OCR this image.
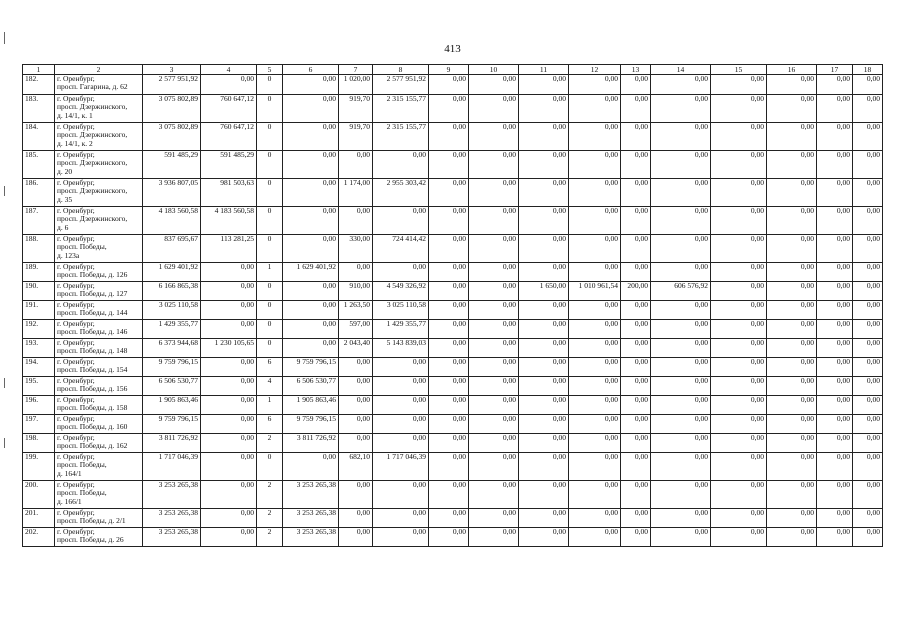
413
1	2	3	4	5	6	7	8	9	10	11	12	13	14	15	16	17	18
182.	г. Оренбург,
просп. Гагарина, д. 62	2 577 951,92	0,00	0	0,00	1 020,00	2 577 951,92	0,00	0,00	0,00	0,00	0,00	0,00	0,00	0,00	0,00	0,00
183.	г. Оренбург,
просп. Дзержинского,
д. 14/1, к. 1	3 075 802,89	760 647,12	0	0,00	919,70	2 315 155,77	0,00	0,00	0,00	0,00	0,00	0,00	0,00	0,00	0,00	0,00
184.	г. Оренбург,
просп. Дзержинского,
д. 14/1, к. 2	3 075 802,89	760 647,12	0	0,00	919,70	2 315 155,77	0,00	0,00	0,00	0,00	0,00	0,00	0,00	0,00	0,00	0,00
185.	г. Оренбург,
просп. Дзержинского,
д. 20	591 485,29	591 485,29	0	0,00	0,00	0,00	0,00	0,00	0,00	0,00	0,00	0,00	0,00	0,00	0,00	0,00
186.	г. Оренбург,
просп. Дзержинского,
д. 35	3 936 807,05	981 503,63	0	0,00	1 174,00	2 955 303,42	0,00	0,00	0,00	0,00	0,00	0,00	0,00	0,00	0,00	0,00
187.	г. Оренбург,
просп. Дзержинского,
д. 6	4 183 560,58	4 183 560,58	0	0,00	0,00	0,00	0,00	0,00	0,00	0,00	0,00	0,00	0,00	0,00	0,00	0,00
188.	г. Оренбург,
просп. Победы,
д. 123а	837 695,67	113 281,25	0	0,00	330,00	724 414,42	0,00	0,00	0,00	0,00	0,00	0,00	0,00	0,00	0,00	0,00
189.	г. Оренбург,
просп. Победы, д. 126	1 629 401,92	0,00	1	1 629 401,92	0,00	0,00	0,00	0,00	0,00	0,00	0,00	0,00	0,00	0,00	0,00	0,00
190.	г. Оренбург,
просп. Победы, д. 127	6 166 865,38	0,00	0	0,00	910,00	4 549 326,92	0,00	0,00	1 650,00	1 010 961,54	200,00	606 576,92	0,00	0,00	0,00	0,00
191.	г. Оренбург,
просп. Победы, д. 144	3 025 110,58	0,00	0	0,00	1 263,50	3 025 110,58	0,00	0,00	0,00	0,00	0,00	0,00	0,00	0,00	0,00	0,00
192.	г. Оренбург,
просп. Победы, д. 146	1 429 355,77	0,00	0	0,00	597,00	1 429 355,77	0,00	0,00	0,00	0,00	0,00	0,00	0,00	0,00	0,00	0,00
193.	г. Оренбург,
просп. Победы, д. 148	6 373 944,68	1 230 105,65	0	0,00	2 043,40	5 143 839,03	0,00	0,00	0,00	0,00	0,00	0,00	0,00	0,00	0,00	0,00
194.	г. Оренбург,
просп. Победы, д. 154	9 759 796,15	0,00	6	9 759 796,15	0,00	0,00	0,00	0,00	0,00	0,00	0,00	0,00	0,00	0,00	0,00	0,00
195.	г. Оренбург,
просп. Победы, д. 156	6 506 530,77	0,00	4	6 506 530,77	0,00	0,00	0,00	0,00	0,00	0,00	0,00	0,00	0,00	0,00	0,00	0,00
196.	г. Оренбург,
просп. Победы, д. 158	1 905 863,46	0,00	1	1 905 863,46	0,00	0,00	0,00	0,00	0,00	0,00	0,00	0,00	0,00	0,00	0,00	0,00
197.	г. Оренбург,
просп. Победы, д. 160	9 759 796,15	0,00	6	9 759 796,15	0,00	0,00	0,00	0,00	0,00	0,00	0,00	0,00	0,00	0,00	0,00	0,00
198.	г. Оренбург,
просп. Победы, д. 162	3 811 726,92	0,00	2	3 811 726,92	0,00	0,00	0,00	0,00	0,00	0,00	0,00	0,00	0,00	0,00	0,00	0,00
199.	г. Оренбург,
просп. Победы,
д. 164/1	1 717 046,39	0,00	0	0,00	682,10	1 717 046,39	0,00	0,00	0,00	0,00	0,00	0,00	0,00	0,00	0,00	0,00
200.	г. Оренбург,
просп. Победы,
д. 166/1	3 253 265,38	0,00	2	3 253 265,38	0,00	0,00	0,00	0,00	0,00	0,00	0,00	0,00	0,00	0,00	0,00	0,00
201.	г. Оренбург,
просп. Победы, д. 2/1	3 253 265,38	0,00	2	3 253 265,38	0,00	0,00	0,00	0,00	0,00	0,00	0,00	0,00	0,00	0,00	0,00	0,00
202.	г. Оренбург,
просп. Победы, д. 26	3 253 265,38	0,00	2	3 253 265,38	0,00	0,00	0,00	0,00	0,00	0,00	0,00	0,00	0,00	0,00	0,00	0,00
